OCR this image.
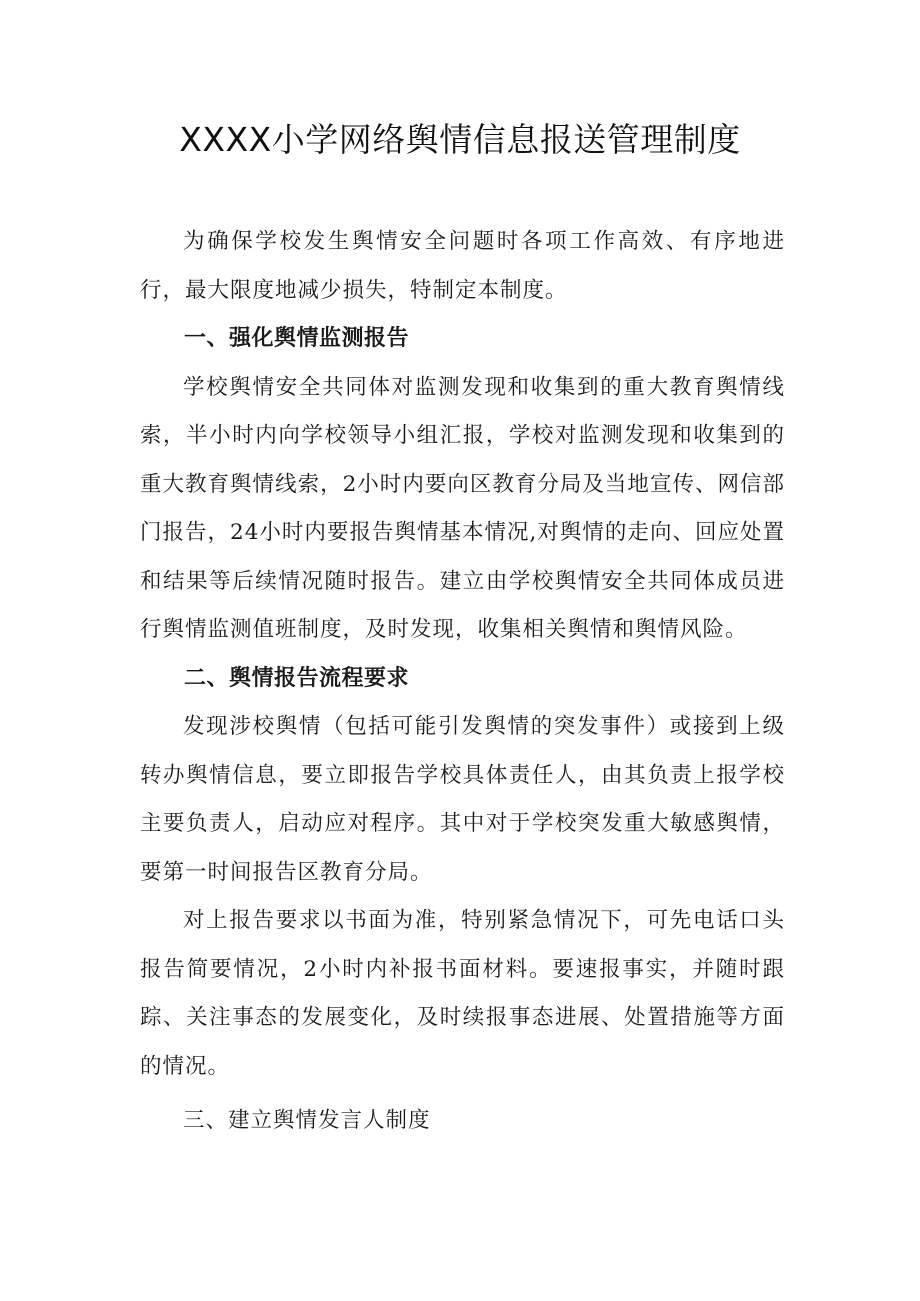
XXXX小学网络舆情信息报送管理制度

为确保学校发生舆情安全问题时各项工作高效、有序地进行，最大限度地减少损失，特制定本制度。

一、强化舆情监测报告

学校舆情安全共同体对监测发现和收集到的重大教育舆情线索，半小时内向学校领导小组汇报，学校对监测发现和收集到的重大教育舆情线索，2小时内要向区教育分局及当地宣传、网信部门报告，24小时内要报告舆情基本情况,对舆情的走向、回应处置和结果等后续情况随时报告。建立由学校舆情安全共同体成员进行舆情监测值班制度，及时发现，收集相关舆情和舆情风险。

二、舆情报告流程要求

发现涉校舆情（包括可能引发舆情的突发事件）或接到上级转办舆情信息，要立即报告学校具体责任人，由其负责上报学校主要负责人，启动应对程序。其中对于学校突发重大敏感舆情，要第一时间报告区教育分局。

对上报告要求以书面为准，特别紧急情况下，可先电话口头报告简要情况，2小时内补报书面材料。要速报事实，并随时跟踪、关注事态的发展变化，及时续报事态进展、处置措施等方面的情况。

三、建立舆情发言人制度
